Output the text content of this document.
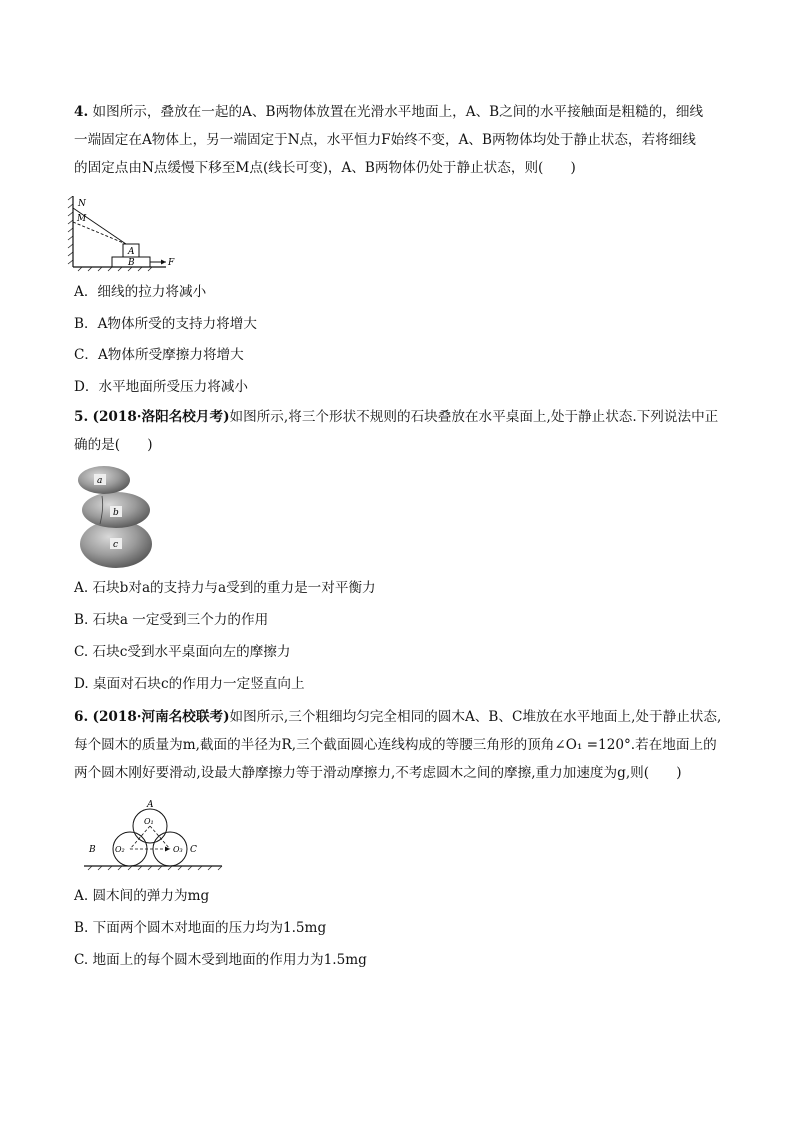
4. 如图所示，叠放在一起的A、B两物体放置在光滑水平地面上，A、B之间的水平接触面是粗糙的，细线

一端固定在A物体上，另一端固定于N点，水平恒力F始终不变，A、B两物体均处于静止状态，若将细线

的固定点由N点缓慢下移至M点(线长可变)，A、B两物体仍处于静止状态，则(　　)

N
M
A
B	F
A．细线的拉力将减小
B．A物体所受的支持力将增大
C．A物体所受摩擦力将增大
D．水平地面所受压力将减小

5. (2018·洛阳名校月考)如图所示,将三个形状不规则的石块叠放在水平桌面上,处于静止状态.下列说法中正

确的是(　　)

a
b
c
A. 石块b对a的支持力与a受到的重力是一对平衡力
B. 石块a 一定受到三个力的作用
C. 石块c受到水平桌面向左的摩擦力
D. 桌面对石块c的作用力一定竖直向上

6. (2018·河南名校联考)如图所示,三个粗细均匀完全相同的圆木A、B、C堆放在水平地面上,处于静止状态,

每个圆木的质量为m,截面的半径为R,三个截面圆心连线构成的等腰三角形的顶角∠O₁ =120°.若在地面上的

两个圆木刚好要滑动,设最大静摩擦力等于滑动摩擦力,不考虑圆木之间的摩擦,重力加速度为g,则(　　)

A
O₁
B O₂	O₃ C
A. 圆木间的弹力为mg
B. 下面两个圆木对地面的压力均为1.5mg
C. 地面上的每个圆木受到地面的作用力为1.5mg
